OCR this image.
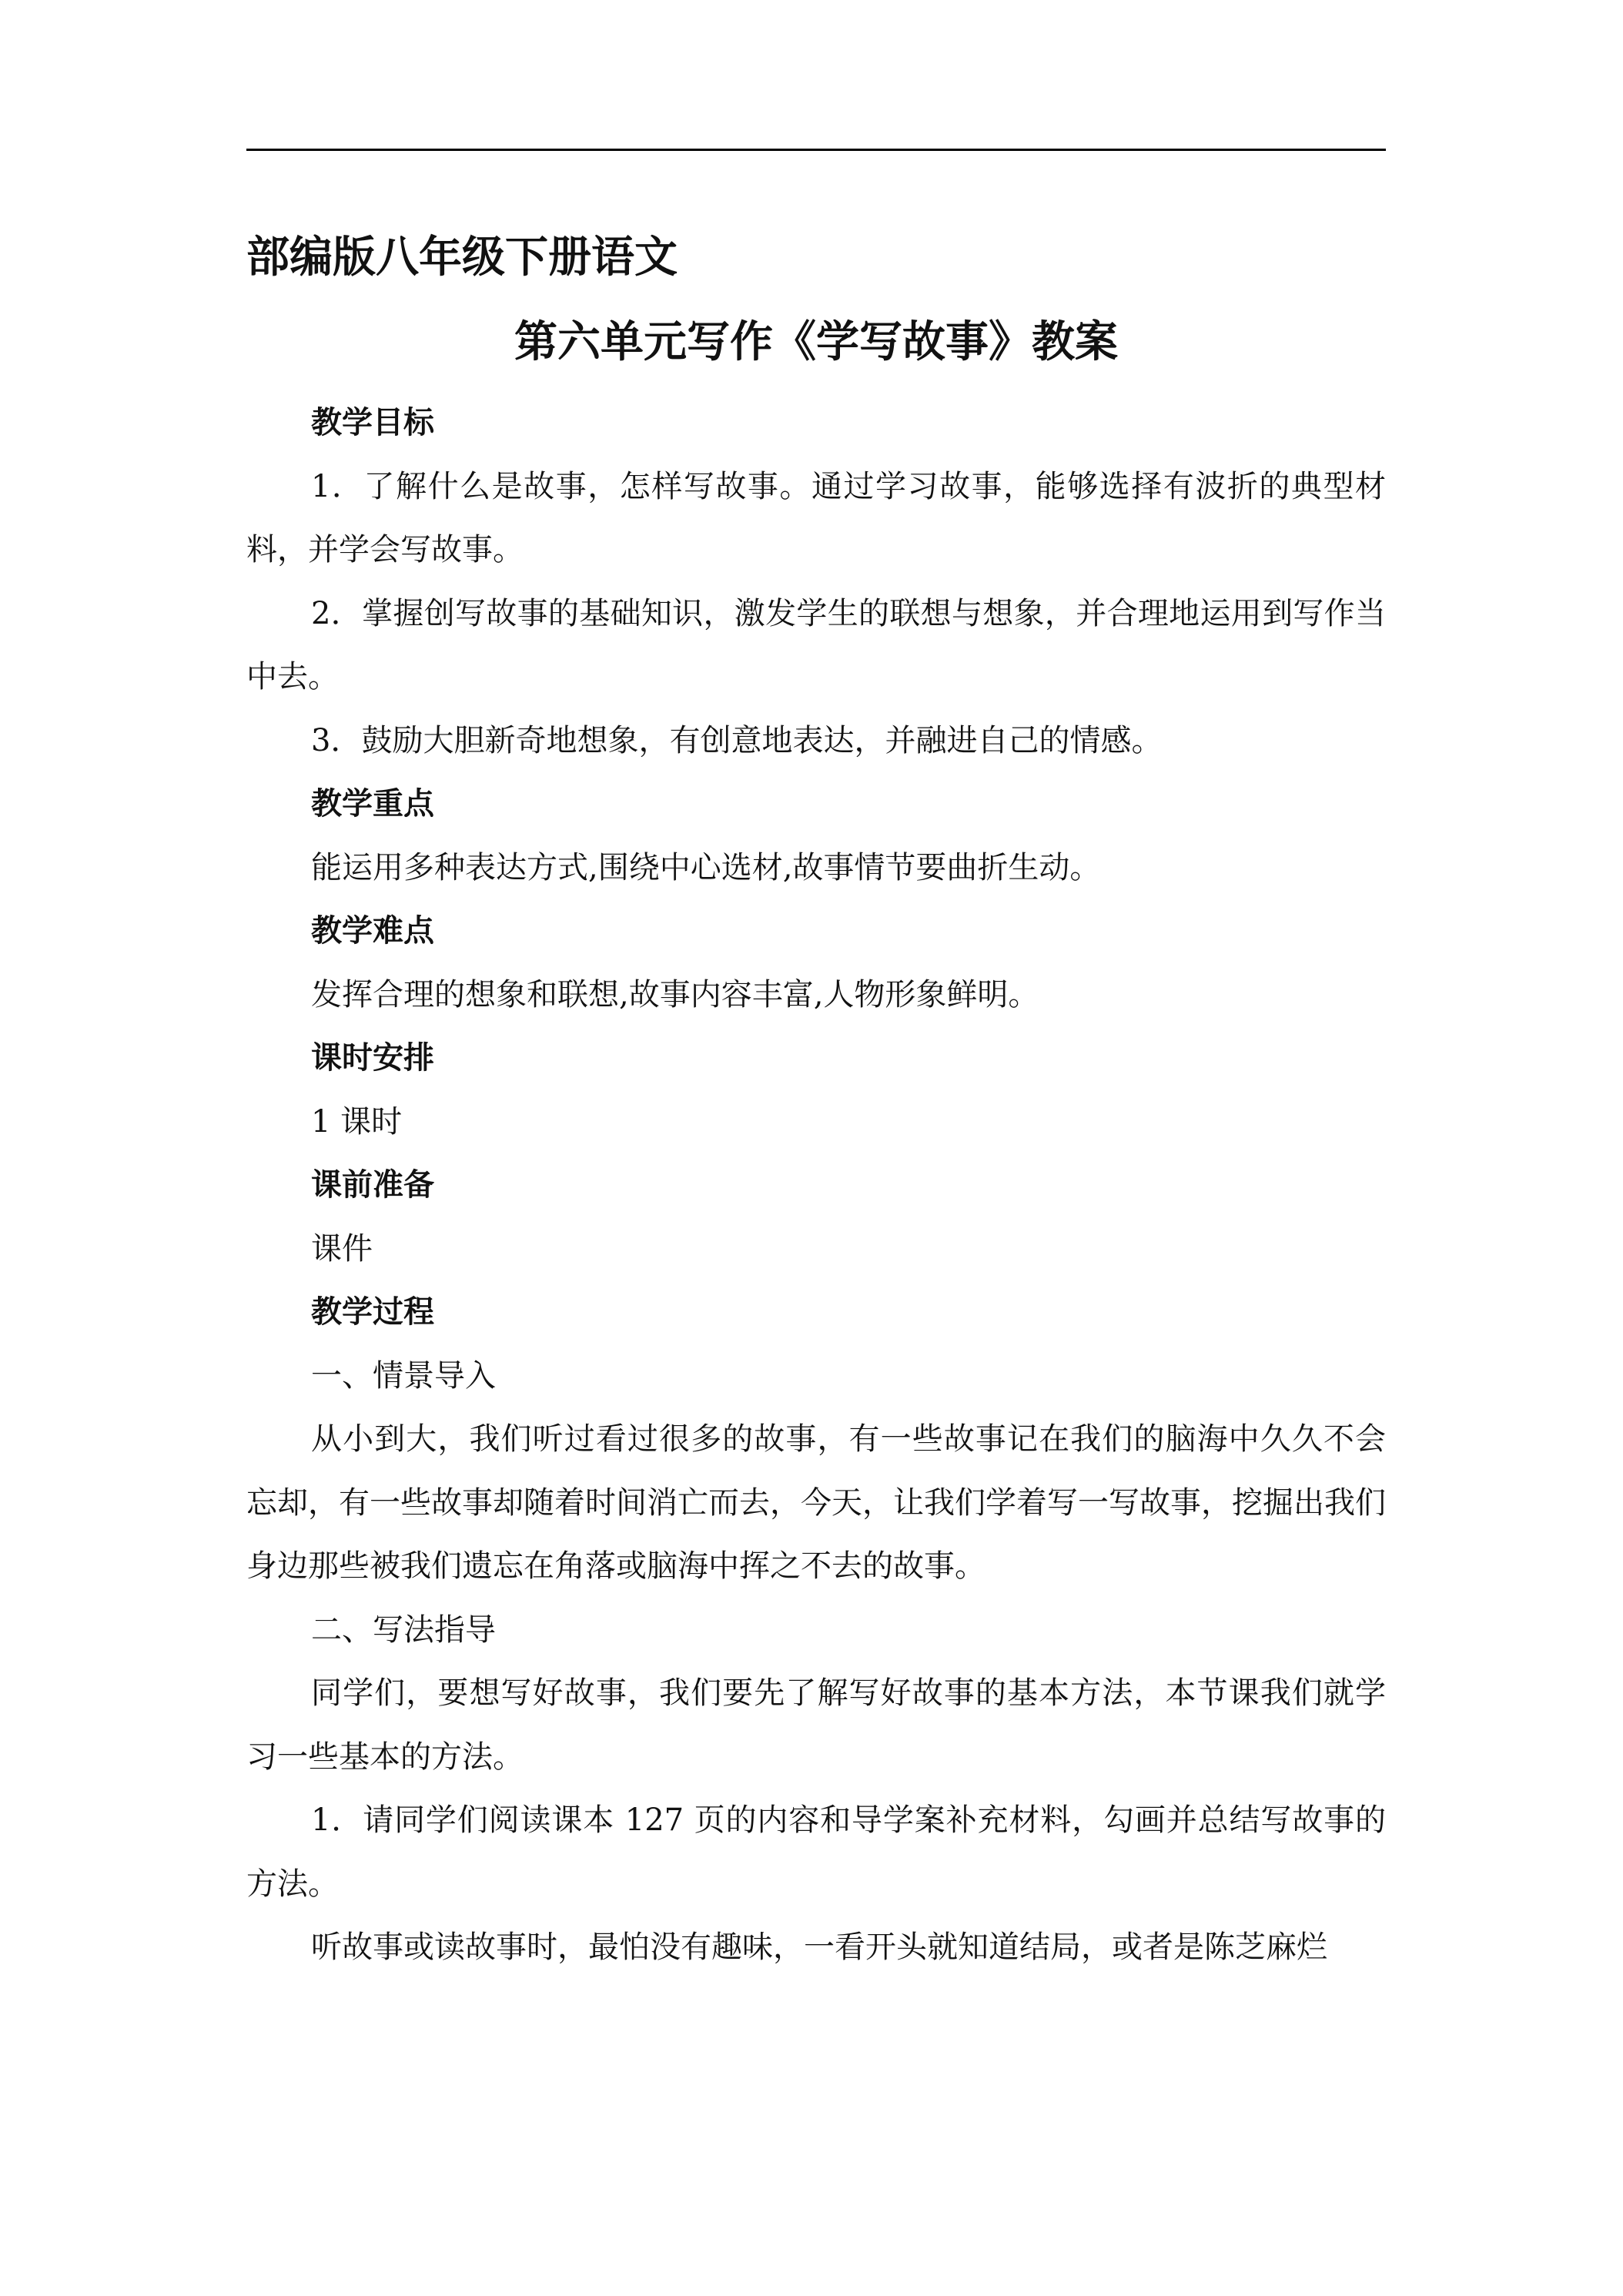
部编版八年级下册语文
第六单元写作《学写故事》教案

教学目标

1．了解什么是故事，怎样写故事。通过学习故事，能够选择有波折的典型材料，并学会写故事。

2．掌握创写故事的基础知识，激发学生的联想与想象，并合理地运用到写作当中去。

3．鼓励大胆新奇地想象，有创意地表达，并融进自己的情感。

教学重点

能运用多种表达方式,围绕中心选材,故事情节要曲折生动。

教学难点

发挥合理的想象和联想,故事内容丰富,人物形象鲜明。

课时安排

1 课时

课前准备

课件

教学过程

一、情景导入

从小到大，我们听过看过很多的故事，有一些故事记在我们的脑海中久久不会忘却，有一些故事却随着时间消亡而去，今天，让我们学着写一写故事，挖掘出我们身边那些被我们遗忘在角落或脑海中挥之不去的故事。

二、写法指导

同学们，要想写好故事，我们要先了解写好故事的基本方法，本节课我们就学习一些基本的方法。

1．请同学们阅读课本 127 页的内容和导学案补充材料，勾画并总结写故事的方法。

听故事或读故事时，最怕没有趣味，一看开头就知道结局，或者是陈芝麻烂
